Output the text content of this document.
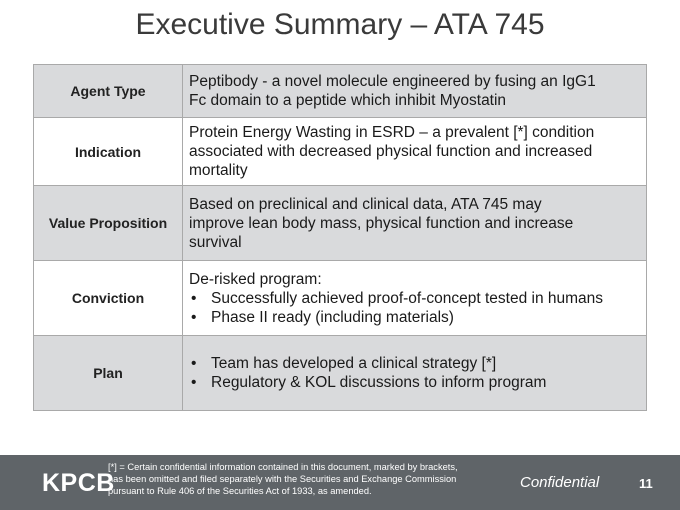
Executive Summary – ATA 745
Agent Type	Peptibody - a novel molecule engineered by fusing an IgG1
Fc domain to a peptide which inhibit Myostatin

Indication	Protein Energy Wasting in ESRD – a prevalent [*] condition
associated with decreased physical function and increased
mortality

Value Proposition	Based on preclinical and clinical data, ATA 745 may
improve lean body mass, physical function and increase
survival

Conviction	De-risked program:
• Successfully achieved proof-of-concept tested in humans
• Phase II ready (including materials)

Plan	• Team has developed a clinical strategy [*]
• Regulatory & KOL discussions to inform program
KPCB
[*] = Certain confidential information contained in this document, marked by brackets,
has been omitted and filed separately with the Securities and Exchange Commission
pursuant to Rule 406 of the Securities Act of 1933, as amended.	Confidential	11
